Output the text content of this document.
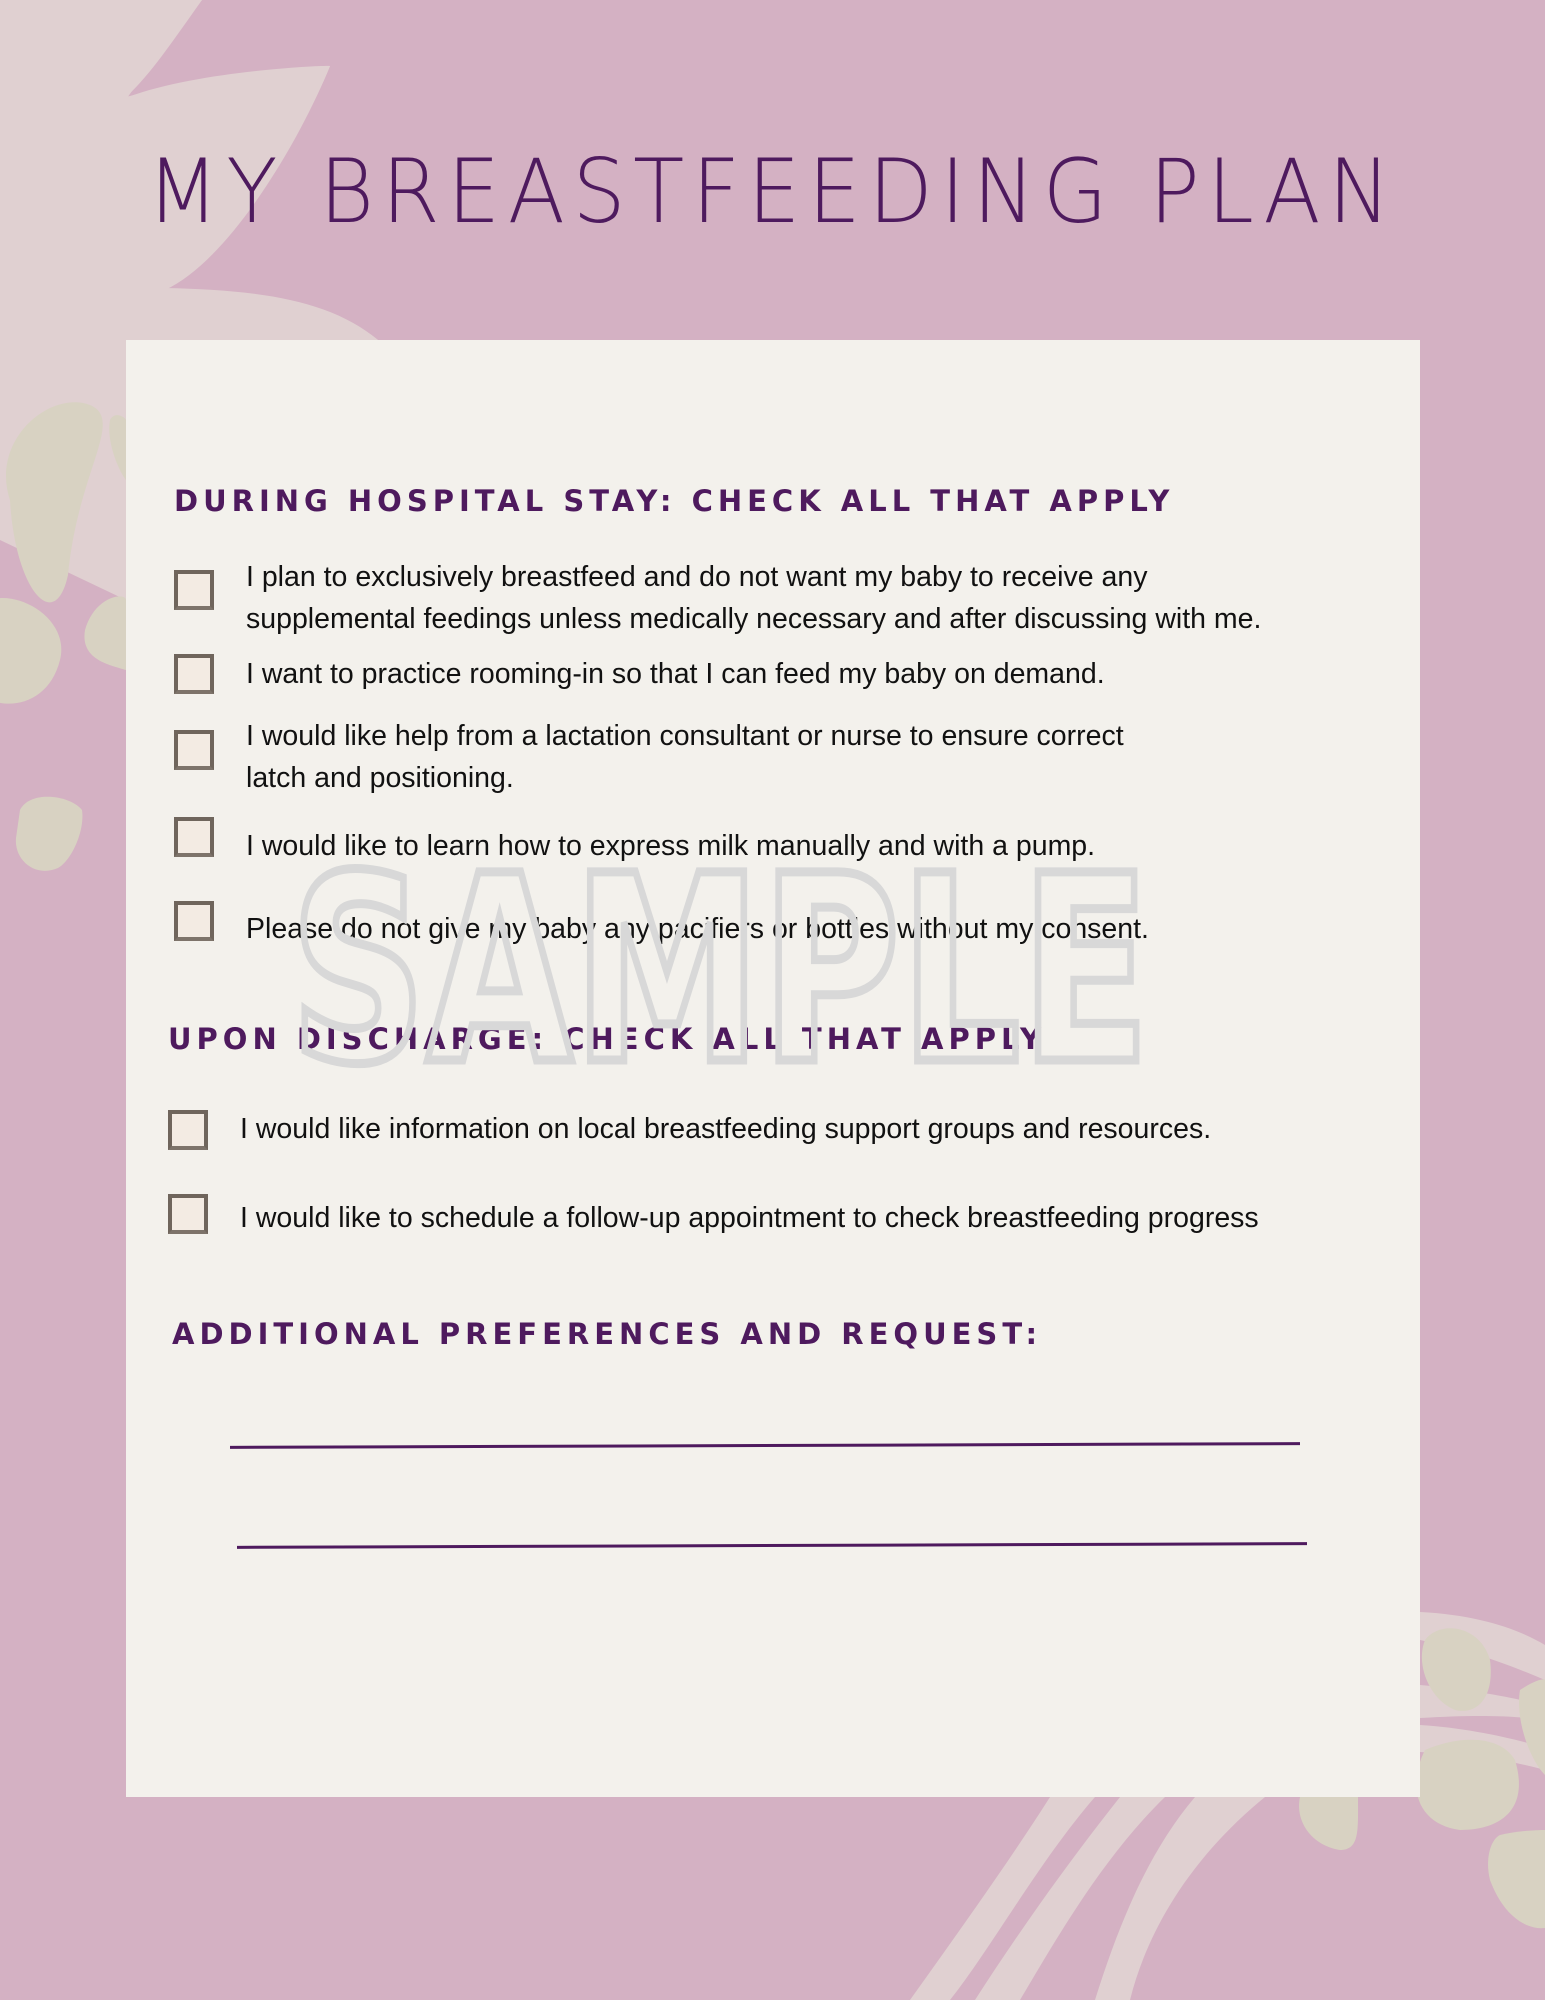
MY BREASTFEEDING PLAN
DURING HOSPITAL STAY: CHECK ALL THAT APPLY
I plan to exclusively breastfeed and do not want my baby to receive any
supplemental feedings unless medically necessary and after discussing with me.
I want to practice rooming-in so that I can feed my baby on demand.
I would like help from a lactation consultant or nurse to ensure correct
latch and positioning.
I would like to learn how to express milk manually and with a pump.
Please do not give my baby any pacifiers or bottles without my consent.
UPON DISCHARGE: CHECK ALL THAT APPLY
I would like information on local breastfeeding support groups and resources.
I would like to schedule a follow-up appointment to check breastfeeding progress
ADDITIONAL PREFERENCES AND REQUEST:
SAMPLE
